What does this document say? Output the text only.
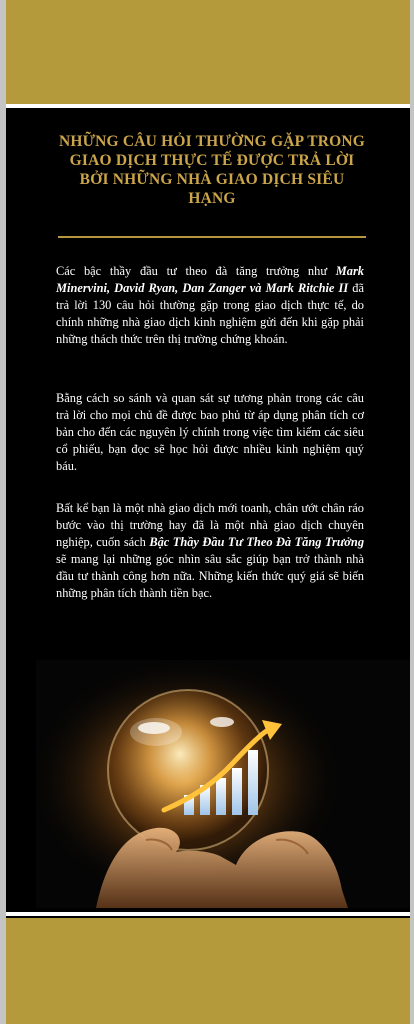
NHỮNG CÂU HỎI THƯỜNG GẶP TRONG GIAO DỊCH THỰC TẾ ĐƯỢC TRẢ LỜI BỞI NHỮNG NHÀ GIAO DỊCH SIÊU HẠNG

Các bậc thầy đầu tư theo đà tăng trưởng như Mark Minervini, David Ryan, Dan Zanger và Mark Ritchie II đã trả lời 130 câu hỏi thường gặp trong giao dịch thực tế, do chính những nhà giao dịch kinh nghiệm gửi đến khi gặp phải những thách thức trên thị trường chứng khoán.

Bằng cách so sánh và quan sát sự tương phản trong các câu trả lời cho mọi chủ đề được bao phủ từ áp dụng phân tích cơ bản cho đến các nguyên lý chính trong việc tìm kiếm các siêu cổ phiếu, bạn đọc sẽ học hỏi được nhiều kinh nghiệm quý báu.

Bất kể bạn là một nhà giao dịch mới toanh, chân ướt chân ráo bước vào thị trường hay đã là một nhà giao dịch chuyên nghiệp, cuốn sách Bậc Thầy Đầu Tư Theo Đà Tăng Trưởng sẽ mang lại những góc nhìn sâu sắc giúp bạn trở thành nhà đầu tư thành công hơn nữa. Những kiến thức quý giá sẽ biến những phân tích thành tiền bạc.
